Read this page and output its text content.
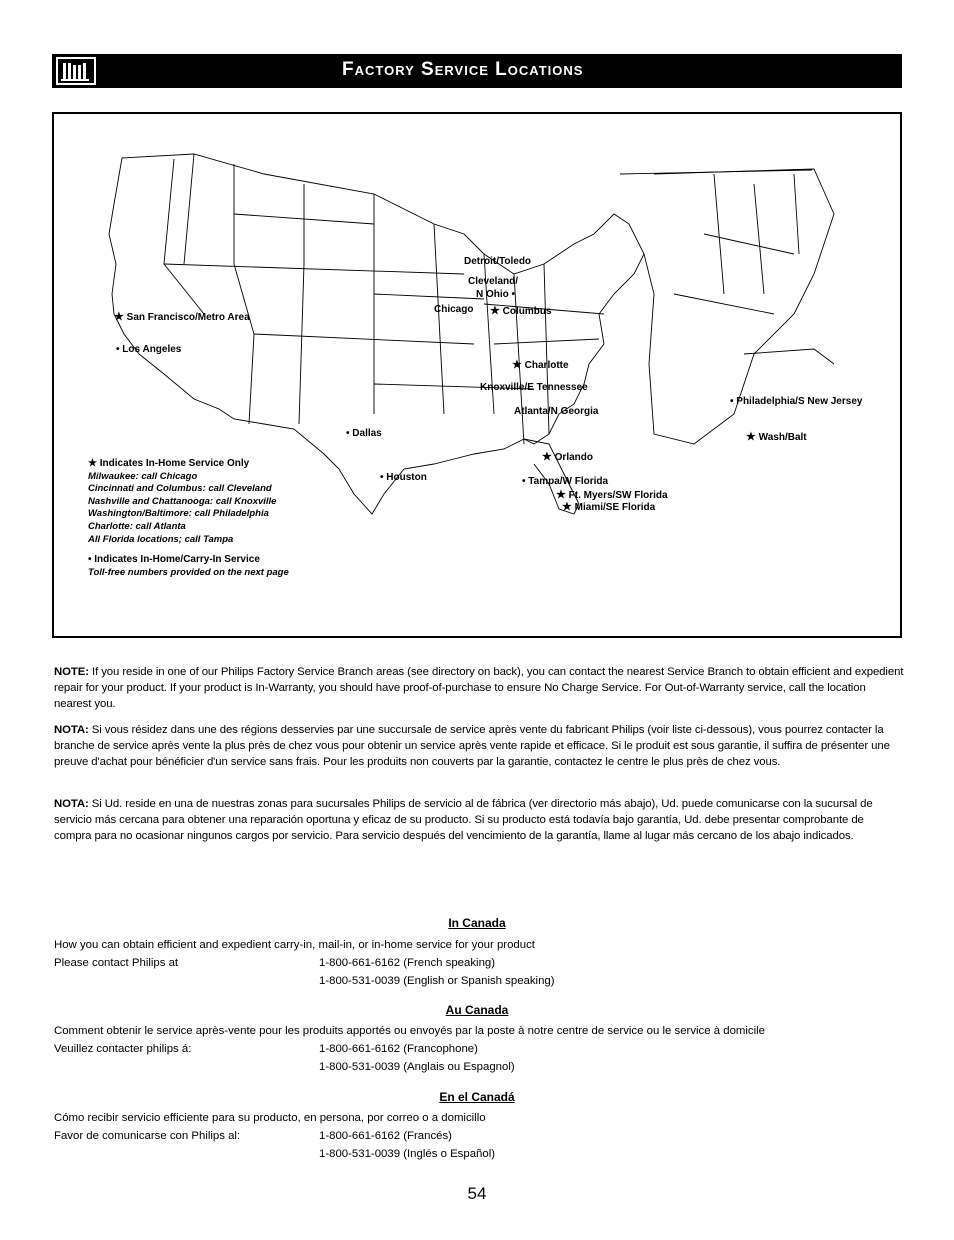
Factory Service Locations
★ San Francisco/Metro Area
• Los Angeles
• Dallas
• Houston
Detroit/Toledo
Cleveland/
N Ohio •
Chicago ★ Columbus
★ Charlotte
Knoxville/E Tennessee
Atlanta/N Georgia
★ Orlando
• Tampa/W Florida
★ Ft. Myers/SW Florida
★ Miami/SE Florida
• Philadelphia/S New Jersey
★ Wash/Balt
★ Indicates In-Home Service Only
Milwaukee: call Chicago
Cincinnati and Columbus: call Cleveland
Nashville and Chattanooga: call Knoxville
Washington/Baltimore: call Philadelphia
Charlotte: call Atlanta
All Florida locations; call Tampa
• Indicates In-Home/Carry-In Service
Toll-free numbers provided on the next page
NOTE: If you reside in one of our Philips Factory Service Branch areas (see directory on back), you can contact the nearest Service Branch to obtain efficient and expedient repair for your product. If your product is In-Warranty, you should have proof-of-purchase to ensure No Charge Service. For Out-of-Warranty service, call the location nearest you.
NOTA: Si vous résidez dans une des régions desservies par une succursale de service après vente du fabricant Philips (voir liste ci-dessous), vous pourrez contacter la branche de service après vente la plus près de chez vous pour obtenir un service après vente rapide et efficace. Si le produit est sous garantie, il suffira de présenter une preuve d'achat pour bénéficier d'un service sans frais. Pour les produits non couverts par la garantie, contactez le centre le plus près de chez vous.
NOTA: Si Ud. reside en una de nuestras zonas para sucursales Philips de servicio al de fábrica (ver directorio más abajo), Ud. puede comunicarse con la sucursal de servicio más cercana para obtener una reparación oportuna y eficaz de su producto. Si su producto está todavía bajo garantía, Ud. debe presentar comprobante de compra para no ocasionar ningunos cargos por servicio. Para servicio después del vencimiento de la garantía, llame al lugar más cercano de los abajo indicados.
In Canada
How you can obtain efficient and expedient carry-in, mail-in, or in-home service for your product
Please contact Philips at	1-800-661-6162 (French speaking)
1-800-531-0039 (English or Spanish speaking)
Au Canada
Comment obtenir le service après-vente pour les produits apportés ou envoyés par la poste à notre centre de service ou le service à domicile
Veuillez contacter philips á:	1-800-661-6162 (Francophone)
1-800-531-0039 (Anglais ou Espagnol)
En el Canadá
Cómo recibir servicio efficiente para su producto, en persona, por correo o a domicillo
Favor de comunicarse con Philips al:	1-800-661-6162 (Francés)
1-800-531-0039 (Inglés o Español)
54
